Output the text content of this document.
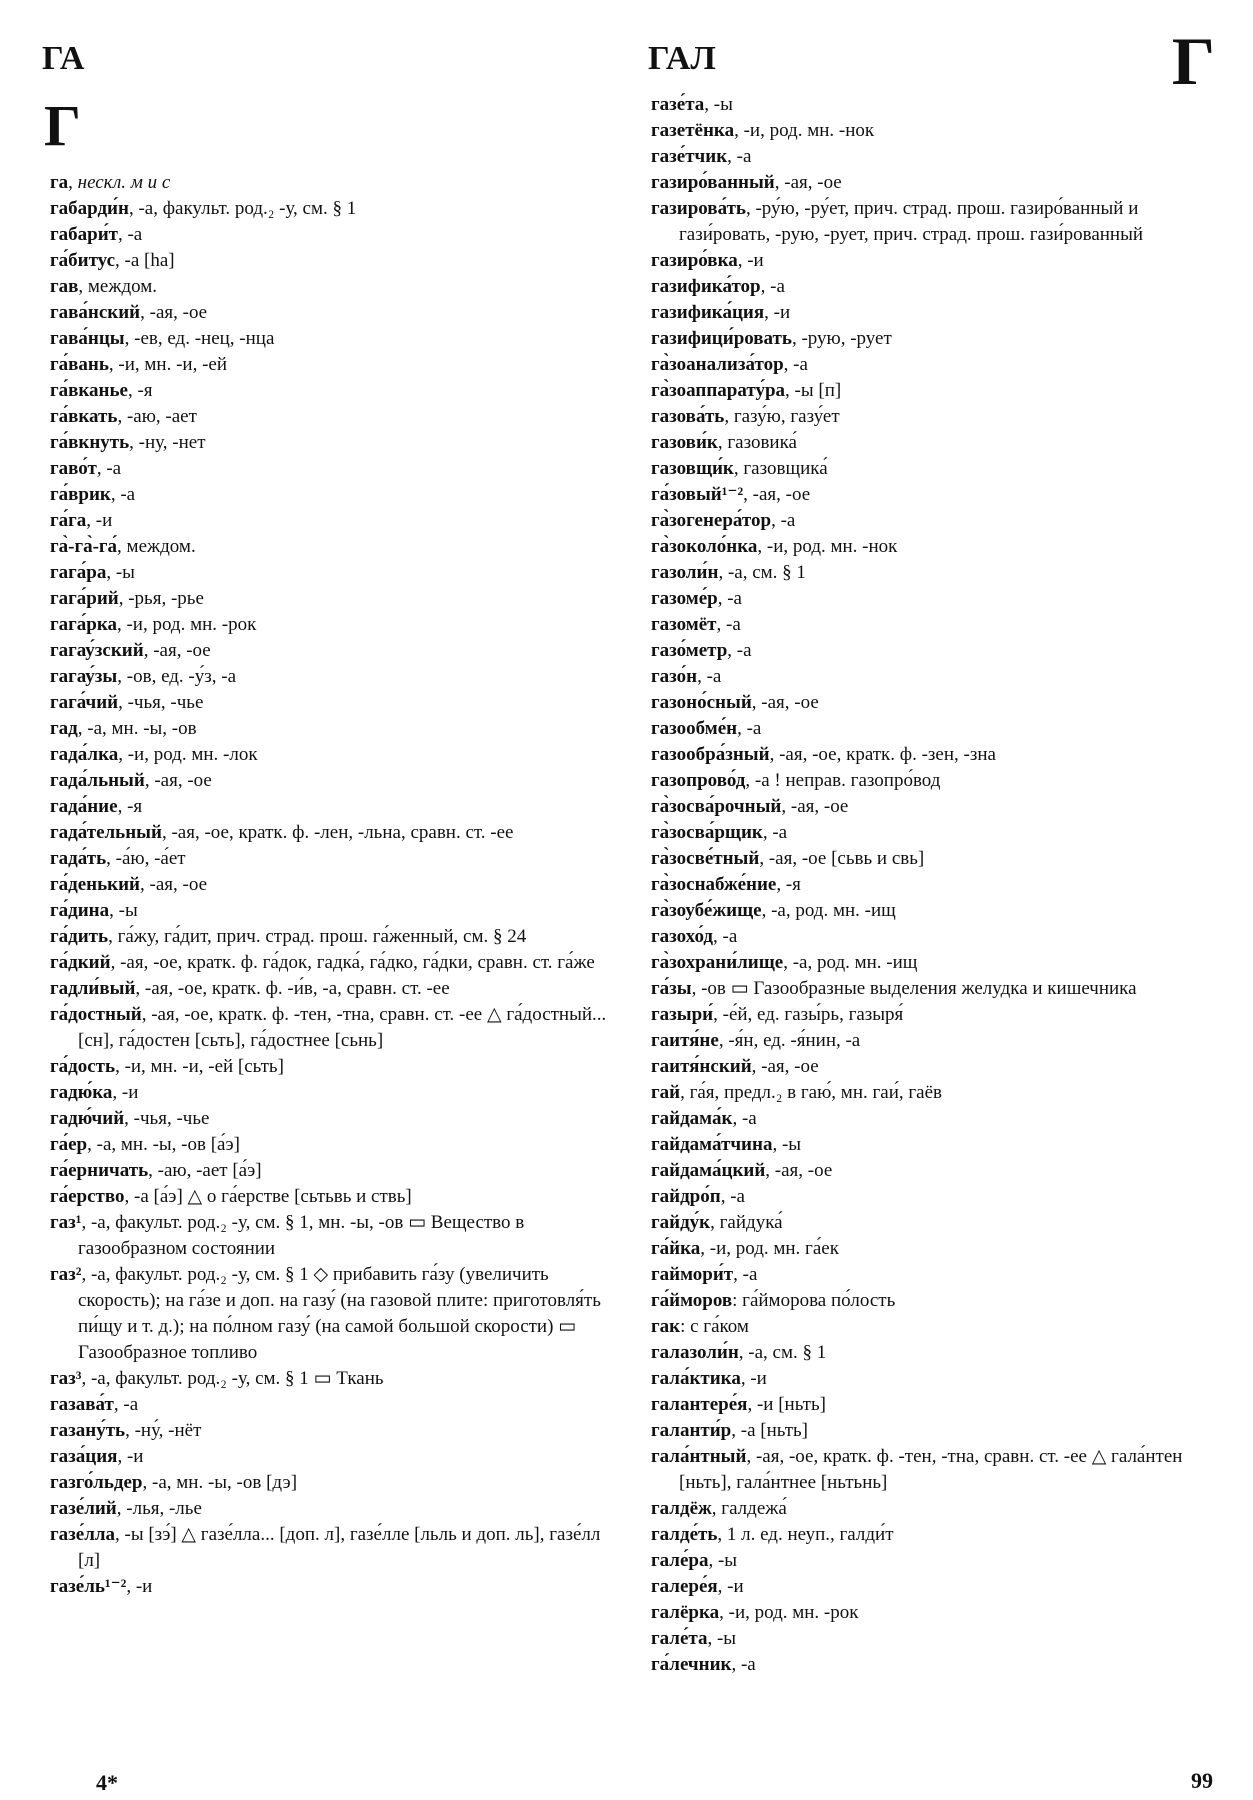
ГА	ГАЛ	Г
Г

га, нескл. м и с

габарди́н, -а, факульт. род.₂ -у, см. § 1

габари́т, -а

га́битус, -а [ha]

гав, междом.

гава́нский, -ая, -ое

гава́нцы, -ев, ед. -нец, -нца

га́вань, -и, мн. -и, -ей

га́вканье, -я

га́вкать, -аю, -ает

га́вкнуть, -ну, -нет

гаво́т, -а

га́врик, -а

га́га, -и

га̀-га̀-га́, междом.

гага́ра, -ы

гага́рий, -рья, -рье

гага́рка, -и, род. мн. -рок

гагау́зский, -ая, -ое

гагау́зы, -ов, ед. -у́з, -а

гага́чий, -чья, -чье

гад, -а, мн. -ы, -ов

гада́лка, -и, род. мн. -лок

гада́льный, -ая, -ое

гада́ние, -я

гада́тельный, -ая, -ое, кратк. ф. -лен, -льна, сравн. ст. -ее

гада́ть, -а́ю, -а́ет

га́денький, -ая, -ое

га́дина, -ы

га́дить, га́жу, га́дит, прич. страд. прош. га́женный, см. § 24

га́дкий, -ая, -ое, кратк. ф. га́док, гадка́, га́дко, га́дки, сравн. ст. га́же

гадли́вый, -ая, -ое, кратк. ф. -и́в, -а, сравн. ст. -ее

га́достный, -ая, -ое, кратк. ф. -тен, -тна, сравн. ст. -ее △ га́достный... [сн], га́достен [сьть], га́достнее [сьнь]

га́дость, -и, мн. -и, -ей [сьть]

гадю́ка, -и

гадю́чий, -чья, -чье

га́ер, -а, мн. -ы, -ов [а́э]

га́ерничать, -аю, -ает [а́э]

га́ерство, -а [а́э] △ о га́ерстве [сьтьвь и ствь]

газ¹, -а, факульт. род.₂ -у, см. § 1, мн. -ы, -ов ▭ Вещество в газообразном состоянии

газ², -а, факульт. род.₂ -у, см. § 1 ◇ прибавить га́зу (увеличить скорость); на га́зе и доп. на газу́ (на газовой плите: приготовля́ть пи́щу и т. д.); на по́лном газу́ (на самой большой скорости) ▭ Газообразное топливо

газ³, -а, факульт. род.₂ -у, см. § 1 ▭ Ткань

газава́т, -а

газану́ть, -ну́, -нёт

газа́ция, -и

газго́льдер, -а, мн. -ы, -ов [дэ]

газе́лий, -лья, -лье

газе́лла, -ы [зэ́] △ газе́лла... [доп. л], газе́лле [льль и доп. ль], газе́лл [л]

газе́ль¹⁻², -и

газе́та, -ы

газетёнка, -и, род. мн. -нок

газе́тчик, -а

газиро́ванный, -ая, -ое

газирова́ть, -ру́ю, -ру́ет, прич. страд. прош. газиро́ванный и гази́ровать, -рую, -рует, прич. страд. прош. гази́рованный

газиро́вка, -и

газифика́тор, -а

газифика́ция, -и

газифици́ровать, -рую, -рует

га̀зоанализа́тор, -а

га̀зоаппарату́ра, -ы [п]

газова́ть, газу́ю, газу́ет

газови́к, газовика́

газовщи́к, газовщика́

га́зовый¹⁻², -ая, -ое

га̀зогенера́тор, -а

га̀зоколо́нка, -и, род. мн. -нок

газоли́н, -а, см. § 1

газоме́р, -а

газомёт, -а

газо́метр, -а

газо́н, -а

газоно́сный, -ая, -ое

газообме́н, -а

газообра́зный, -ая, -ое, кратк. ф. -зен, -зна

газопрово́д, -а ! неправ. газопро́вод

га̀зосва́рочный, -ая, -ое

га̀зосва́рщик, -а

га̀зосве́тный, -ая, -ое [сьвь и свь]

га̀зоснабже́ние, -я

га̀зоубе́жище, -а, род. мн. -ищ

газохо́д, -а

га̀зохрани́лище, -а, род. мн. -ищ

га́зы, -ов ▭ Газообразные выделения желудка и кишечника

газыри́, -е́й, ед. газы́рь, газыря́

гаитя́не, -я́н, ед. -я́нин, -а

гаитя́нский, -ая, -ое

гай, га́я, предл.₂ в гаю́, мн. гаи́, гаёв

гайдама́к, -а

гайдама́тчина, -ы

гайдама́цкий, -ая, -ое

гайдро́п, -а

гайду́к, гайдука́

га́йка, -и, род. мн. га́ек

гаймори́т, -а

га́йморов: га́йморова по́лость

гак: с га́ком

галазоли́н, -а, см. § 1

гала́ктика, -и

галантере́я, -и [ньть]

галанти́р, -а [ньть]

гала́нтный, -ая, -ое, кратк. ф. -тен, -тна, сравн. ст. -ее △ гала́нтен [ньть], гала́нтнее [ньтьнь]

галдёж, галдежа́

галде́ть, 1 л. ед. неуп., галди́т

гале́ра, -ы

галере́я, -и

галёрка, -и, род. мн. -рок

гале́та, -ы

га́лечник, -а

4*	99
